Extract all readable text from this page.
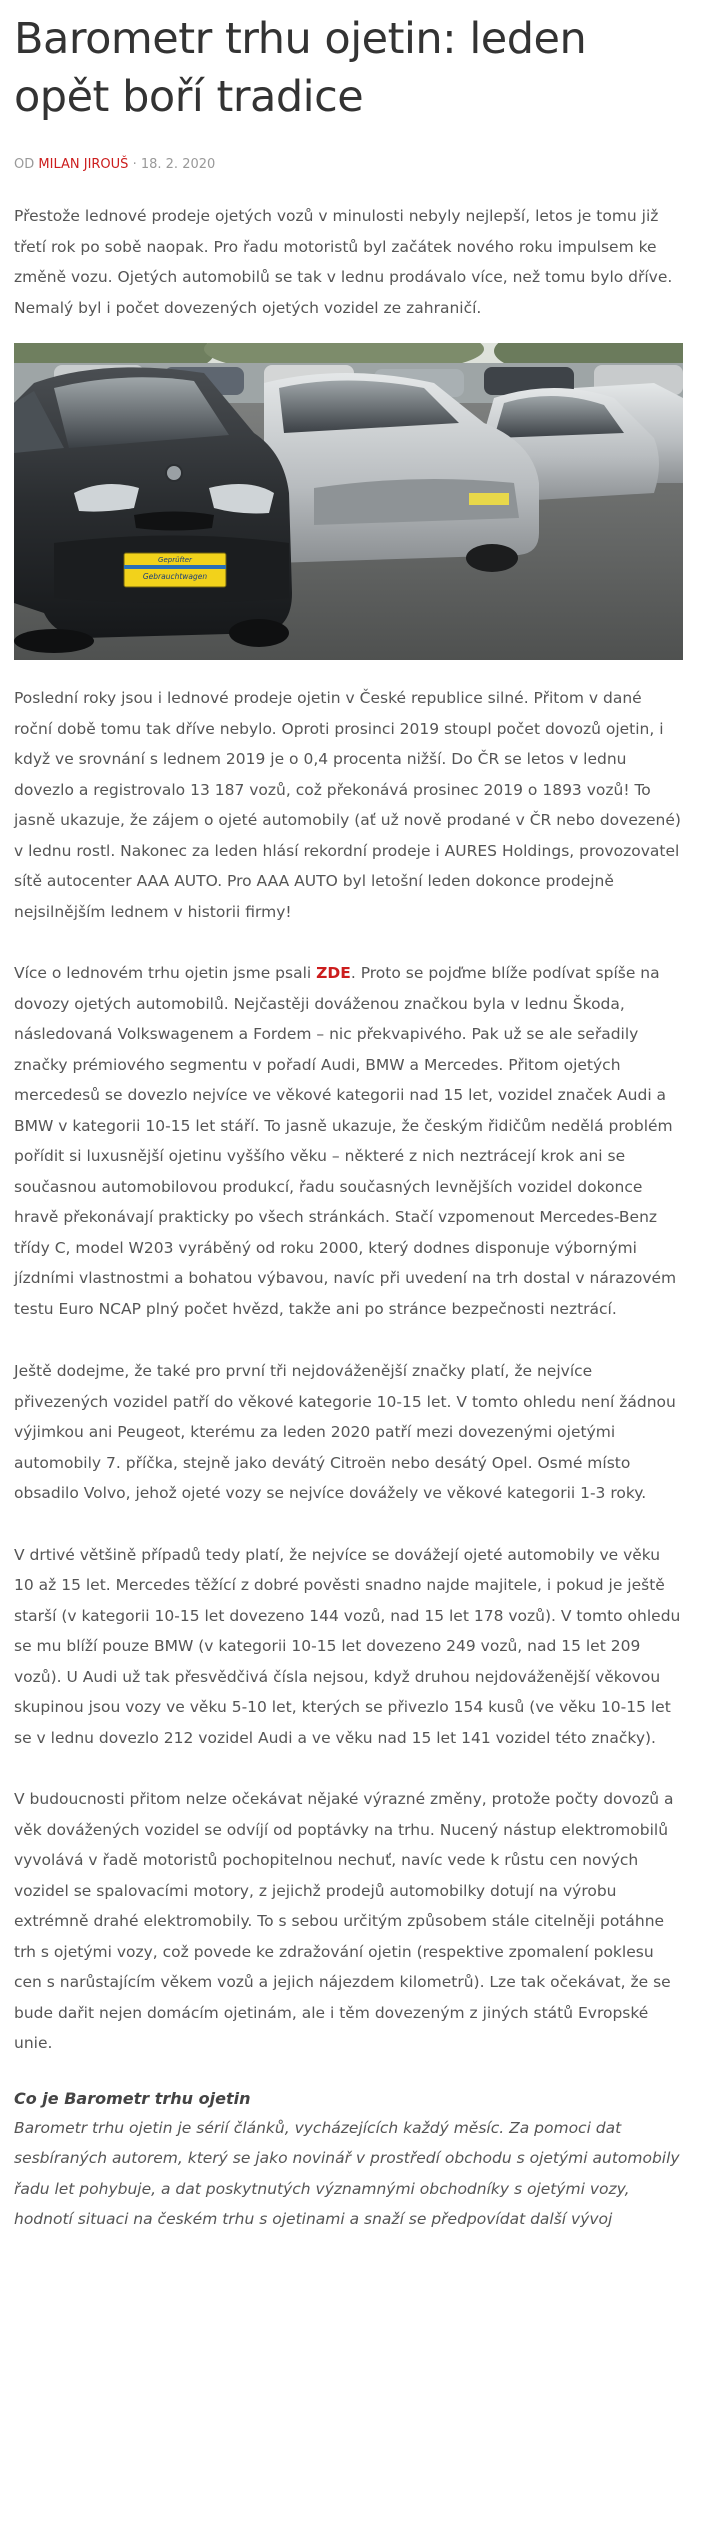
Barometr trhu ojetin: leden opět boří tradice
OD MILAN JIROUŠ · 18. 2. 2020

Přestože lednové prodeje ojetých vozů v minulosti nebyly nejlepší, letos je tomu již třetí rok po sobě naopak. Pro řadu motoristů byl začátek nového roku impulsem ke změně vozu. Ojetých automobilů se tak v lednu prodávalo více, než tomu bylo dříve. Nemalý byl i počet dovezených ojetých vozidel ze zahraničí.

Geprüfter
Gebrauchtwagen

Poslední roky jsou i lednové prodeje ojetin v České republice silné. Přitom v dané roční době tomu tak dříve nebylo. Oproti prosinci 2019 stoupl počet dovozů ojetin, i když ve srovnání s lednem 2019 je o 0,4 procenta nižší. Do ČR se letos v lednu dovezlo a registrovalo 13 187 vozů, což překonává prosinec 2019 o 1893 vozů! To jasně ukazuje, že zájem o ojeté automobily (ať už nově prodané v ČR nebo dovezené) v lednu rostl. Nakonec za leden hlásí rekordní prodeje i AURES Holdings, provozovatel sítě autocenter AAA AUTO. Pro AAA AUTO byl letošní leden dokonce prodejně nejsilnějším lednem v historii firmy!

Více o lednovém trhu ojetin jsme psali ZDE. Proto se pojďme blíže podívat spíše na dovozy ojetých automobilů. Nejčastěji dováženou značkou byla v lednu Škoda, následovaná Volkswagenem a Fordem – nic překvapivého. Pak už se ale seřadily značky prémiového segmentu v pořadí Audi, BMW a Mercedes. Přitom ojetých mercedesů se dovezlo nejvíce ve věkové kategorii nad 15 let, vozidel značek Audi a BMW v kategorii 10-15 let stáří. To jasně ukazuje, že českým řidičům nedělá problém pořídit si luxusnější ojetinu vyššího věku – některé z nich neztrácejí krok ani se současnou automobilovou produkcí, řadu současných levnějších vozidel dokonce hravě překonávají prakticky po všech stránkách. Stačí vzpomenout Mercedes-Benz třídy C, model W203 vyráběný od roku 2000, který dodnes disponuje výbornými jízdními vlastnostmi a bohatou výbavou, navíc při uvedení na trh dostal v nárazovém testu Euro NCAP plný počet hvězd, takže ani po stránce bezpečnosti neztrácí.

Ještě dodejme, že také pro první tři nejdováženější značky platí, že nejvíce přivezených vozidel patří do věkové kategorie 10-15 let. V tomto ohledu není žádnou výjimkou ani Peugeot, kterému za leden 2020 patří mezi dovezenými ojetými automobily 7. příčka, stejně jako devátý Citroën nebo desátý Opel. Osmé místo obsadilo Volvo, jehož ojeté vozy se nejvíce dovážely ve věkové kategorii 1-3 roky.

V drtivé většině případů tedy platí, že nejvíce se dovážejí ojeté automobily ve věku 10 až 15 let. Mercedes těžící z dobré pověsti snadno najde majitele, i pokud je ještě starší (v kategorii 10-15 let dovezeno 144 vozů, nad 15 let 178 vozů). V tomto ohledu se mu blíží pouze BMW (v kategorii 10-15 let dovezeno 249 vozů, nad 15 let 209 vozů). U Audi už tak přesvědčivá čísla nejsou, když druhou nejdováženější věkovou skupinou jsou vozy ve věku 5-10 let, kterých se přivezlo 154 kusů (ve věku 10-15 let se v lednu dovezlo 212 vozidel Audi a ve věku nad 15 let 141 vozidel této značky).

V budoucnosti přitom nelze očekávat nějaké výrazné změny, protože počty dovozů a věk dovážených vozidel se odvíjí od poptávky na trhu. Nucený nástup elektromobilů vyvolává v řadě motoristů pochopitelnou nechuť, navíc vede k růstu cen nových vozidel se spalovacími motory, z jejichž prodejů automobilky dotují na výrobu extrémně drahé elektromobily. To s sebou určitým způsobem stále citelněji potáhne trh s ojetými vozy, což povede ke zdražování ojetin (respektive zpomalení poklesu cen s narůstajícím věkem vozů a jejich nájezdem kilometrů). Lze tak očekávat, že se bude dařit nejen domácím ojetinám, ale i těm dovezeným z jiných států Evropské unie.

Co je Barometr trhu ojetin

Barometr trhu ojetin je sérií článků, vycházejících každý měsíc. Za pomoci dat sesbíraných autorem, který se jako novinář v prostředí obchodu s ojetými automobily řadu let pohybuje, a dat poskytnutých významnými obchodníky s ojetými vozy, hodnotí situaci na českém trhu s ojetinami a snaží se předpovídat další vývoj
